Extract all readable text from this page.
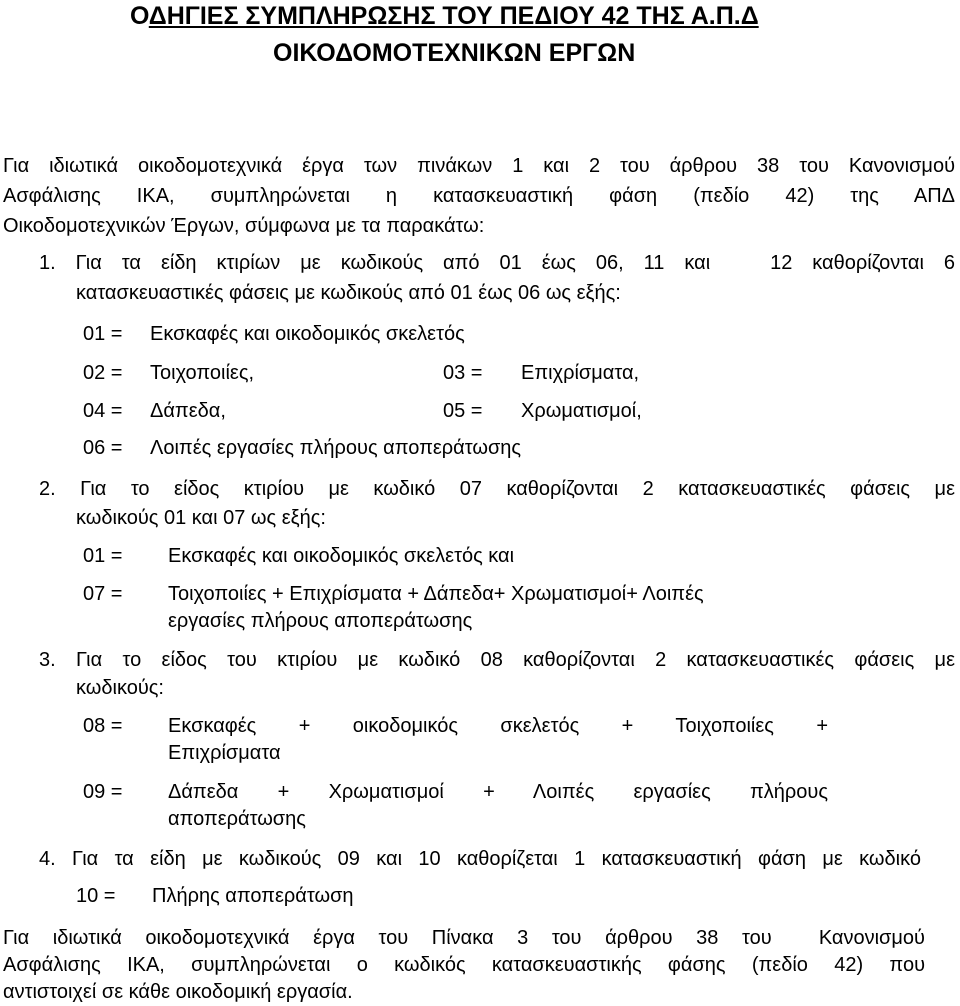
ΟΔΗΓΙΕΣ ΣΥΜΠΛΗΡΩΣΗΣ ΤΟΥ ΠΕΔΙΟΥ 42 ΤΗΣ Α.Π.Δ
ΟΙΚΟΔΟΜΟΤΕΧΝΙΚΩΝ ΕΡΓΩΝ
Για ιδιωτικά οικοδομοτεχνικά έργα των πινάκων 1 και 2 του άρθρου 38 του Κανονισμού
Ασφάλισης ΙΚΑ, συμπληρώνεται η κατασκευαστική φάση (πεδίο 42) της ΑΠΔ
Οικοδομοτεχνικών Έργων, σύμφωνα με τα παρακάτω:
1. Για τα είδη κτιρίων με κωδικούς από 01 έως 06, 11 και   12 καθορίζονται 6
κατασκευαστικές φάσεις με κωδικούς από 01 έως 06 ως εξής:
01 = Εκσκαφές και οικοδομικός σκελετός
02 = Τοιχοποιίες,	03 = Επιχρίσματα,
04 = Δάπεδα,	05 = Χρωματισμοί,
06 = Λοιπές εργασίες πλήρους αποπεράτωσης
2. Για το είδος κτιρίου με κωδικό 07 καθορίζονται 2 κατασκευαστικές φάσεις με
κωδικούς 01 και 07 ως εξής:
01 = Εκσκαφές και οικοδομικός σκελετός και
07 = Τοιχοποιίες + Επιχρίσματα + Δάπεδα+ Χρωματισμοί+ Λοιπές
εργασίες πλήρους αποπεράτωσης
3. Για το είδος του κτιρίου με κωδικό 08 καθορίζονται 2 κατασκευαστικές φάσεις με
κωδικούς:
08 = Εκσκαφές + οικοδομικός σκελετός + Τοιχοποιίες +
Επιχρίσματα
09 = Δάπεδα + Χρωματισμοί + Λοιπές εργασίες πλήρους
αποπεράτωσης
4. Για τα είδη με κωδικούς 09 και 10 καθορίζεται 1 κατασκευαστική φάση με κωδικό
10 = Πλήρης αποπεράτωση
Για ιδιωτικά οικοδομοτεχνικά έργα του Πίνακα 3 του άρθρου 38 του  Κανονισμού
Ασφάλισης ΙΚΑ, συμπληρώνεται ο κωδικός κατασκευαστικής φάσης (πεδίο 42) που
αντιστοιχεί σε κάθε οικοδομική εργασία.
